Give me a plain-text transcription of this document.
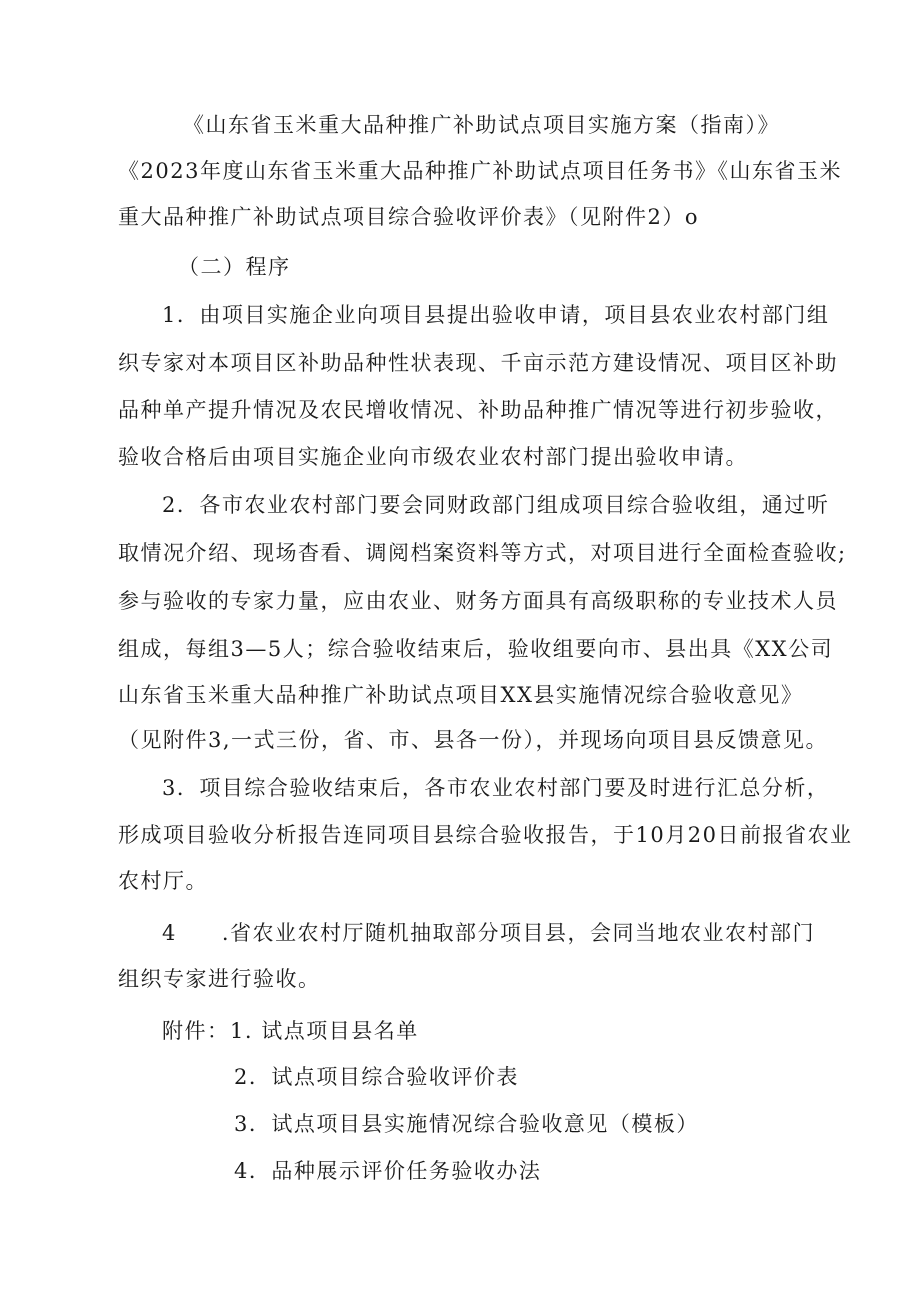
《山东省玉米重大品种推广补助试点项目实施方案（指南）》
《2023年度山东省玉米重大品种推广补助试点项目任务书》《山东省玉米
重大品种推广补助试点项目综合验收评价表》（见附件2）o
（二）程序
1．由项目实施企业向项目县提出验收申请，项目县农业农村部门组
织专家对本项目区补助品种性状表现、千亩示范方建设情况、项目区补助
品种单产提升情况及农民增收情况、补助品种推广情况等进行初步验收，
验收合格后由项目实施企业向市级农业农村部门提出验收申请。
2．各市农业农村部门要会同财政部门组成项目综合验收组，通过听
取情况介绍、现场杳看、调阅档案资料等方式，对项目进行全面检查验收;
参与验收的专家力量，应由农业、财务方面具有高级职称的专业技术人员
组成，每组3—5人；综合验收结束后，验收组要向市、县出具《XX公司
山东省玉米重大品种推广补助试点项目XX县实施情况综合验收意见》
（见附件3,一式三份，省、市、县各一份），并现场向项目县反馈意见。
3．项目综合验收结束后，各市农业农村部门要及时进行汇总分析，
形成项目验收分析报告连同项目县综合验收报告，于10月20日前报省农业
农村厅。
4　　.省农业农村厅随机抽取部分项目县，会同当地农业农村部门
组织专家进行验收。
附件： 1. 试点项目县名单
2．试点项目综合验收评价表
3．试点项目县实施情况综合验收意见（模板）
4．品种展示评价任务验收办法
